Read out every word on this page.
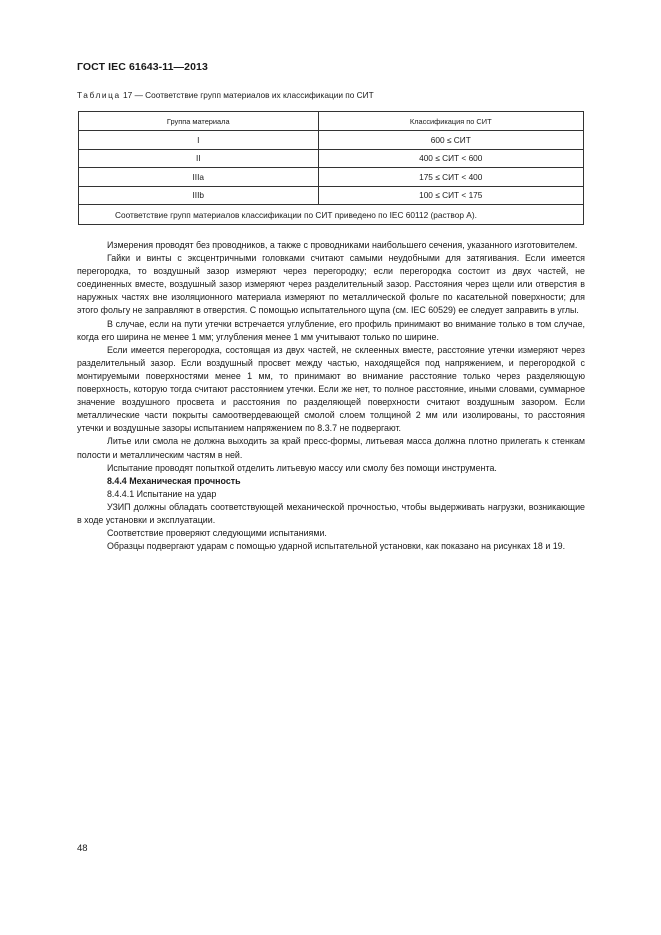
ГОСТ IEC 61643-11—2013
Таблица 17 — Соответствие групп материалов их классификации по СИТ
Группа материала	Классификация по СИТ
I	600 ≤ СИТ
II	400 ≤ СИТ < 600
IIIa	175 ≤ СИТ < 400
IIIb	100 ≤ СИТ < 175
Соответствие групп материалов классификации по СИТ приведено по IEC 60112 (раствор А).	

Измерения проводят без проводников, а также с проводниками наибольшего сечения, указанного изготовителем.

Гайки и винты с эксцентричными головками считают самыми неудобными для затягивания. Если имеется перегородка, то воздушный зазор измеряют через перегородку; если перегородка состоит из двух частей, не соединенных вместе, воздушный зазор измеряют через разделительный зазор. Расстояния через щели или отверстия в наружных частях вне изоляционного материала измеряют по металлической фольге по касательной поверхности; для этого фольгу не заправляют в отверстия. С помощью испытательного щупа (см. IEC 60529) ее следует заправить в углы.

В случае, если на пути утечки встречается углубление, его профиль принимают во внимание только в том случае, когда его ширина не менее 1 мм; углубления менее 1 мм учитывают только по ширине.

Если имеется перегородка, состоящая из двух частей, не склеенных вместе, расстояние утечки измеряют через разделительный зазор. Если воздушный просвет между частью, находящейся под напряжением, и перегородкой с монтируемыми поверхностями менее 1 мм, то принимают во внимание расстояние только через разделяющую поверхность, которую тогда считают расстоянием утечки. Если же нет, то полное расстояние, иными словами, суммарное значение воздушного просвета и расстояния по разделяющей поверхности считают воздушным зазором. Если металлические части покрыты самоотвердевающей смолой слоем толщиной 2 мм или изолированы, то расстояния утечки и воздушные зазоры испытанием напряжением по 8.3.7 не подвергают.

Литье или смола не должна выходить за край пресс-формы, литьевая масса должна плотно прилегать к стенкам полости и металлическим частям в ней.

Испытание проводят попыткой отделить литьевую массу или смолу без помощи инструмента.

8.4.4 Механическая прочность

8.4.4.1 Испытание на удар

УЗИП должны обладать соответствующей механической прочностью, чтобы выдерживать нагрузки, возникающие в ходе установки и эксплуатации.

Соответствие проверяют следующими испытаниями.

Образцы подвергают ударам с помощью ударной испытательной установки, как показано на рисунках 18 и 19.

48
